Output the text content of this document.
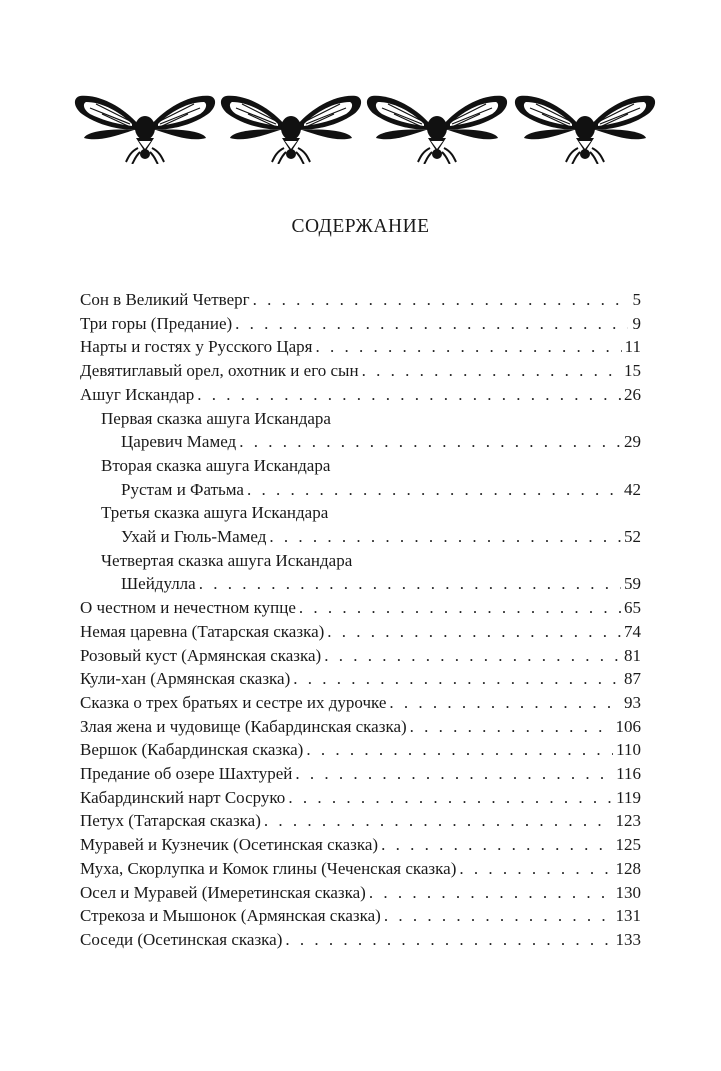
СОДЕРЖАНИЕ
Сон в Великий Четверг . . .	5
Три горы (Предание) . . .	9
Нарты и гостях у Русского Царя . . .	11
Девятиглавый орел, охотник и его сын . . .	15
Ашуг Искандар . . .	26
Первая сказка ашуга Искандара
Царевич Мамед . . .	29
Вторая сказка ашуга Искандара
Рустам и Фатьма . . .	42
Третья сказка ашуга Искандара
Ухай и Гюль-Мамед . . .	52
Четвертая сказка ашуга Искандара
Шейдулла . . .	59
О честном и нечестном купце . . .	65
Немая царевна (Татарская сказка) . . .	74
Розовый куст (Армянская сказка) . . .	81
Кули-хан (Армянская сказка) . . .	87
Сказка о трех братьях и сестре их дурочке . . .	93
Злая жена и чудовище (Кабардинская сказка) . . .	106
Вершок (Кабардинская сказка) . . .	110
Предание об озере Шахтурей . . .	116
Кабардинский нарт Сосруко . . .	119
Петух (Татарская сказка) . . .	123
Муравей и Кузнечик (Осетинская сказка) . . .	125
Муха, Скорлупка и Комок глины (Чеченская сказка) . . .	128
Осел и Муравей (Имеретинская сказка) . . .	130
Стрекоза и Мышонок (Армянская сказка) . . .	131
Соседи (Осетинская сказка) . . .	133
